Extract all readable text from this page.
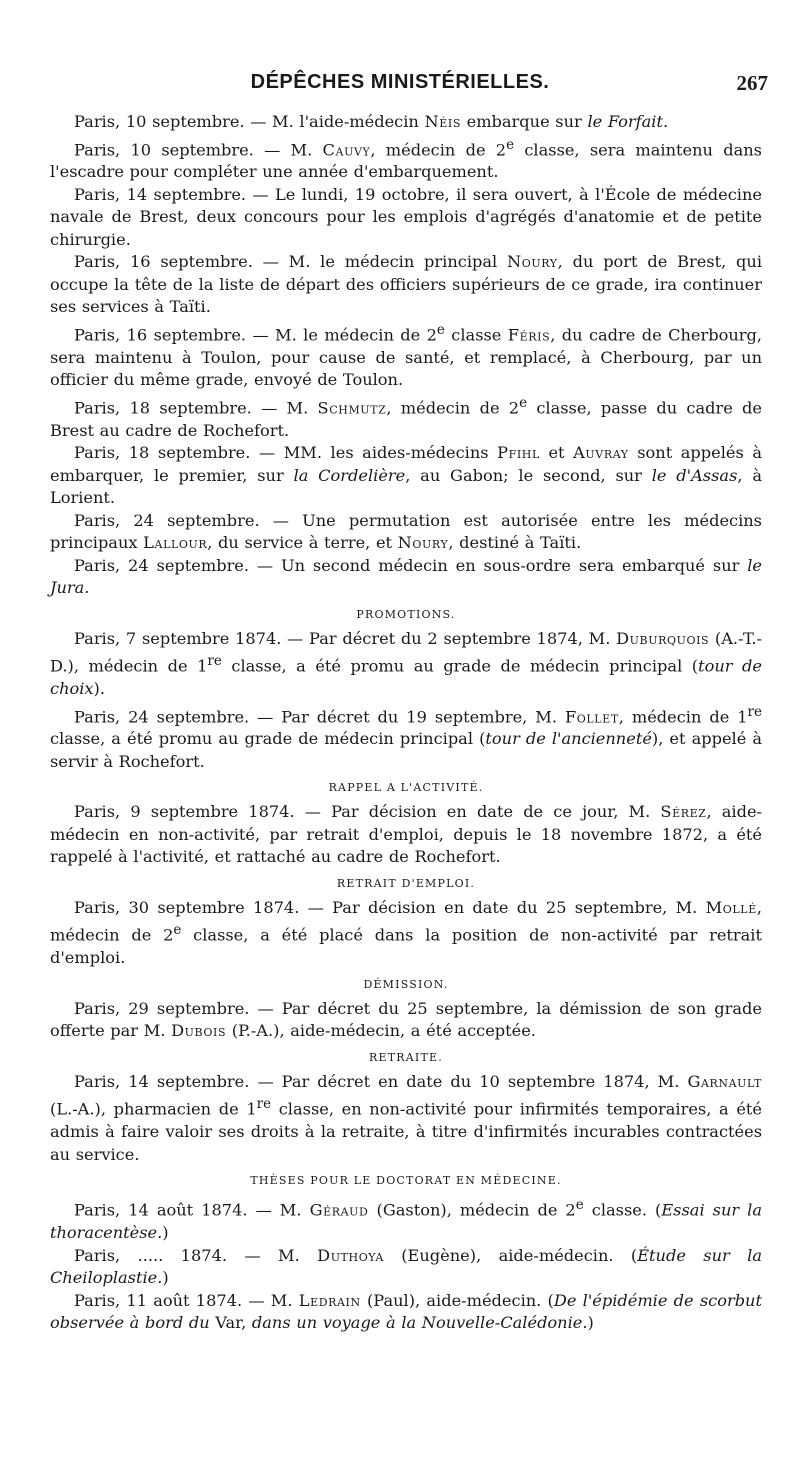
DÉPÊCHES MINISTÉRIELLES.	267

Paris, 10 septembre. — M. l'aide-médecin Néis embarque sur le Forfait.

Paris, 10 septembre. — M. Cauvy, médecin de 2e classe, sera maintenu dans l'escadre pour compléter une année d'embarquement.

Paris, 14 septembre. — Le lundi, 19 octobre, il sera ouvert, à l'École de médecine navale de Brest, deux concours pour les emplois d'agrégés d'anatomie et de petite chirurgie.

Paris, 16 septembre. — M. le médecin principal Noury, du port de Brest, qui occupe la tête de la liste de départ des officiers supérieurs de ce grade, ira continuer ses services à Taïti.

Paris, 16 septembre. — M. le médecin de 2e classe Féris, du cadre de Cherbourg, sera maintenu à Toulon, pour cause de santé, et remplacé, à Cherbourg, par un officier du même grade, envoyé de Toulon.

Paris, 18 septembre. — M. Schmutz, médecin de 2e classe, passe du cadre de Brest au cadre de Rochefort.

Paris, 18 septembre. — MM. les aides-médecins Pfihl et Auvray sont appelés à embarquer, le premier, sur la Cordelière, au Gabon; le second, sur le d'Assas, à Lorient.

Paris, 24 septembre. — Une permutation est autorisée entre les médecins principaux Lallour, du service à terre, et Noury, destiné à Taïti.

Paris, 24 septembre. — Un second médecin en sous-ordre sera embarqué sur le Jura.

PROMOTIONS.

Paris, 7 septembre 1874. — Par décret du 2 septembre 1874, M. Duburquois (A.-T.-D.), médecin de 1re classe, a été promu au grade de médecin principal (tour de choix).

Paris, 24 septembre. — Par décret du 19 septembre, M. Follet, médecin de 1re classe, a été promu au grade de médecin principal (tour de l'ancienneté), et appelé à servir à Rochefort.

RAPPEL A L'ACTIVITÉ.

Paris, 9 septembre 1874. — Par décision en date de ce jour, M. Sérez, aide-médecin en non-activité, par retrait d'emploi, depuis le 18 novembre 1872, a été rappelé à l'activité, et rattaché au cadre de Rochefort.

RETRAIT D'EMPLOI.

Paris, 30 septembre 1874. — Par décision en date du 25 septembre, M. Mollé, médecin de 2e classe, a été placé dans la position de non-activité par retrait d'emploi.

DÉMISSION.

Paris, 29 septembre. — Par décret du 25 septembre, la démission de son grade offerte par M. Dubois (P.-A.), aide-médecin, a été acceptée.

RETRAITE.

Paris, 14 septembre. — Par décret en date du 10 septembre 1874, M. Garnault (L.-A.), pharmacien de 1re classe, en non-activité pour infirmités temporaires, a été admis à faire valoir ses droits à la retraite, à titre d'infirmités incurables contractées au service.

THÈSES POUR LE DOCTORAT EN MÉDECINE.

Paris, 14 août 1874. — M. Géraud (Gaston), médecin de 2e classe. (Essai sur la thoracentèse.)

Paris, ..... 1874. — M. Duthoya (Eugène), aide-médecin. (Étude sur la Cheiloplastie.)

Paris, 11 août 1874. — M. Ledrain (Paul), aide-médecin. (De l'épidémie de scorbut observée à bord du Var, dans un voyage à la Nouvelle-Calédonie.)
